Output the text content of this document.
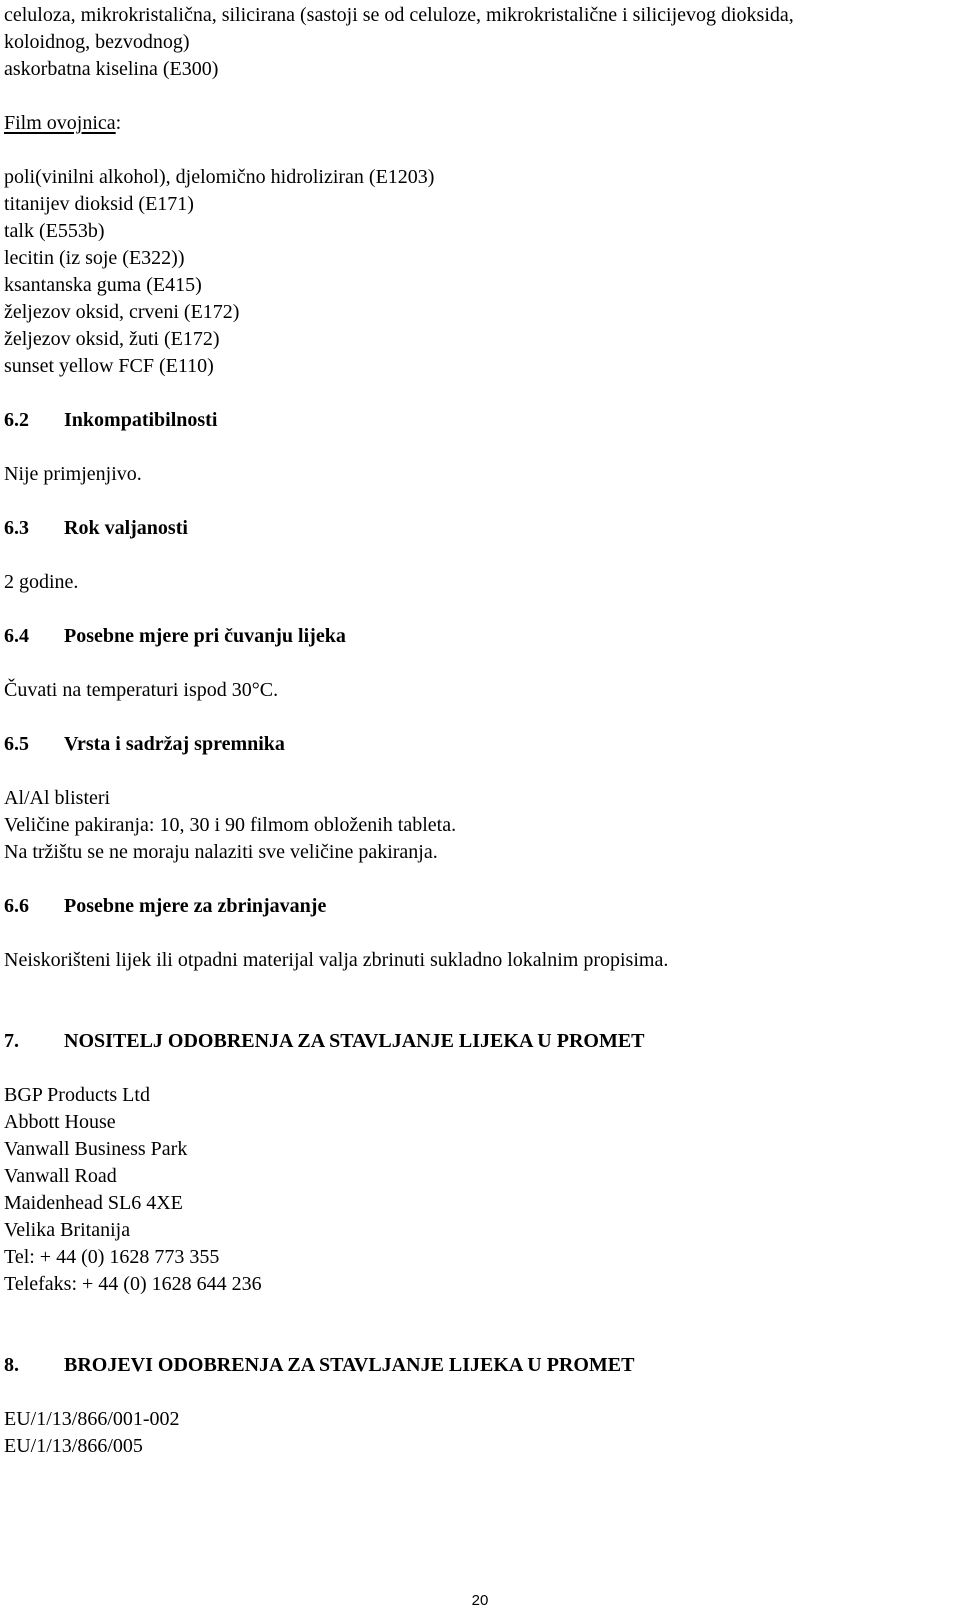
celuloza, mikrokristalična, silicirana (sastoji se od celuloze, mikrokristalične i silicijevog dioksida,
koloidnog, bezvodnog)
askorbatna kiselina (E300)
Film ovojnica:
poli(vinilni alkohol), djelomično hidroliziran (E1203)
titanijev dioksid (E171)
talk (E553b)
lecitin (iz soje (E322))
ksantanska guma (E415)
željezov oksid, crveni (E172)
željezov oksid, žuti (E172)
sunset yellow FCF (E110)
6.2 Inkompatibilnosti
Nije primjenjivo.
6.3 Rok valjanosti
2 godine.
6.4 Posebne mjere pri čuvanju lijeka
Čuvati na temperaturi ispod 30°C.
6.5 Vrsta i sadržaj spremnika
Al/Al blisteri
Veličine pakiranja: 10, 30 i 90 filmom obloženih tableta.
Na tržištu se ne moraju nalaziti sve veličine pakiranja.
6.6 Posebne mjere za zbrinjavanje
Neiskorišteni lijek ili otpadni materijal valja zbrinuti sukladno lokalnim propisima.
7. NOSITELJ ODOBRENJA ZA STAVLJANJE LIJEKA U PROMET
BGP Products Ltd
Abbott House
Vanwall Business Park
Vanwall Road
Maidenhead SL6 4XE
Velika Britanija
Tel: + 44 (0) 1628 773 355
Telefaks: + 44 (0) 1628 644 236
8. BROJEVI ODOBRENJA ZA STAVLJANJE LIJEKA U PROMET
EU/1/13/866/001-002
EU/1/13/866/005
20
